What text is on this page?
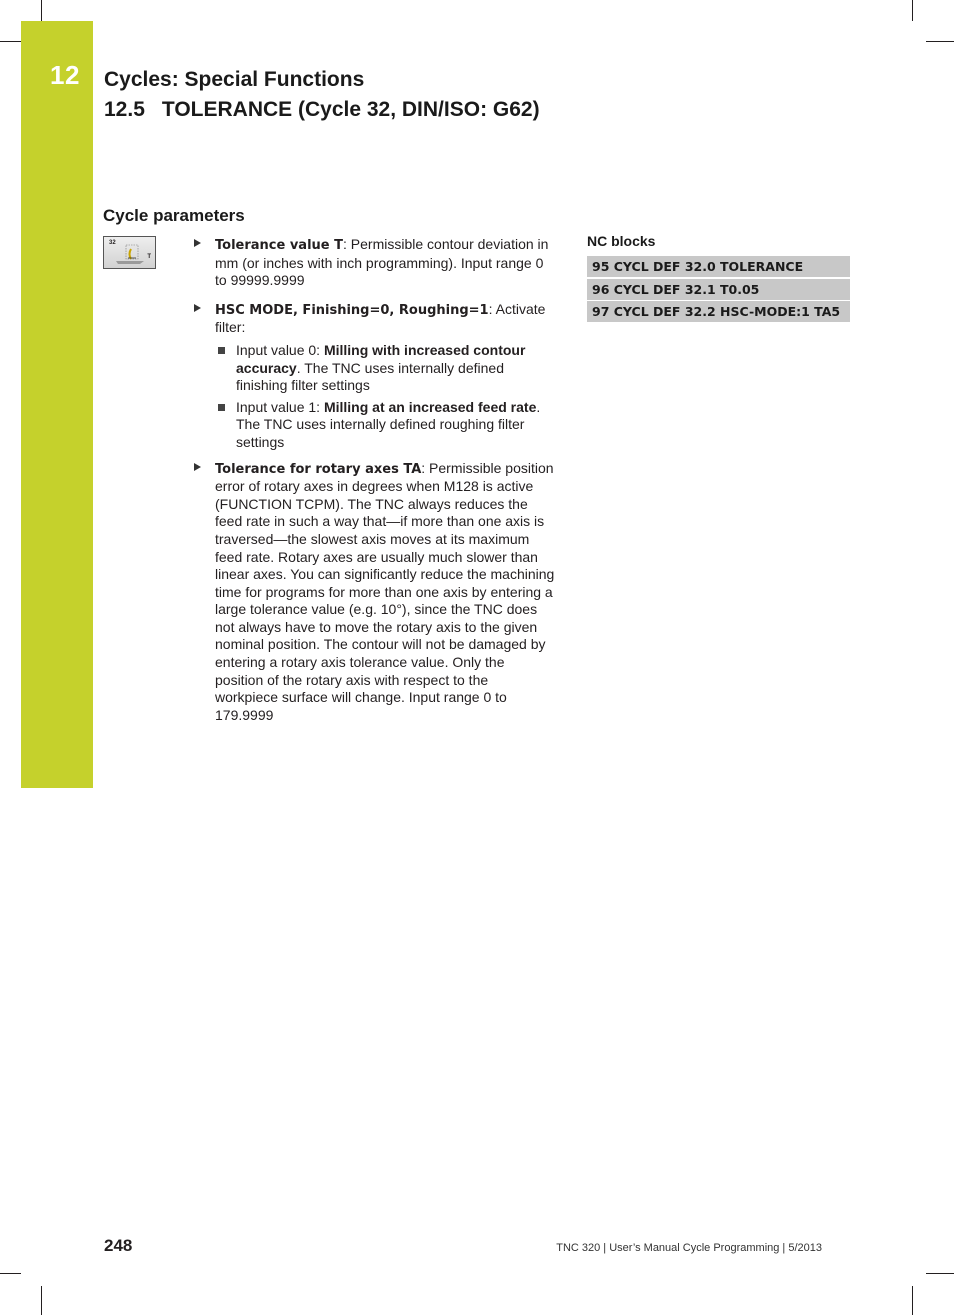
12 Cycles: Special Functions
12.5 TOLERANCE (Cycle 32, DIN/ISO: G62)
Cycle parameters
32
T
Tolerance value T: Permissible contour deviation in mm (or inches with inch programming). Input range 0 to 99999.9999
HSC MODE, Finishing=0, Roughing=1: Activate filter:
Input value 0: Milling with increased contour accuracy. The TNC uses internally defined finishing filter settings
Input value 1: Milling at an increased feed rate. The TNC uses internally defined roughing filter settings
Tolerance for rotary axes TA: Permissible position error of rotary axes in degrees when M128 is active (FUNCTION TCPM). The TNC always reduces the feed rate in such a way that—if more than one axis is traversed—the slowest axis moves at its maximum feed rate. Rotary axes are usually much slower than linear axes. You can significantly reduce the machining time for programs for more than one axis by entering a large tolerance value (e.g. 10°), since the TNC does not always have to move the rotary axis to the given nominal position. The contour will not be damaged by entering a rotary axis tolerance value. Only the position of the rotary axis with respect to the workpiece surface will change. Input range 0 to 179.9999
NC blocks
95 CYCL DEF 32.0 TOLERANCE
96 CYCL DEF 32.1 T0.05
97 CYCL DEF 32.2 HSC-MODE:1 TA5
248	TNC 320 | User’s Manual Cycle Programming | 5/2013
